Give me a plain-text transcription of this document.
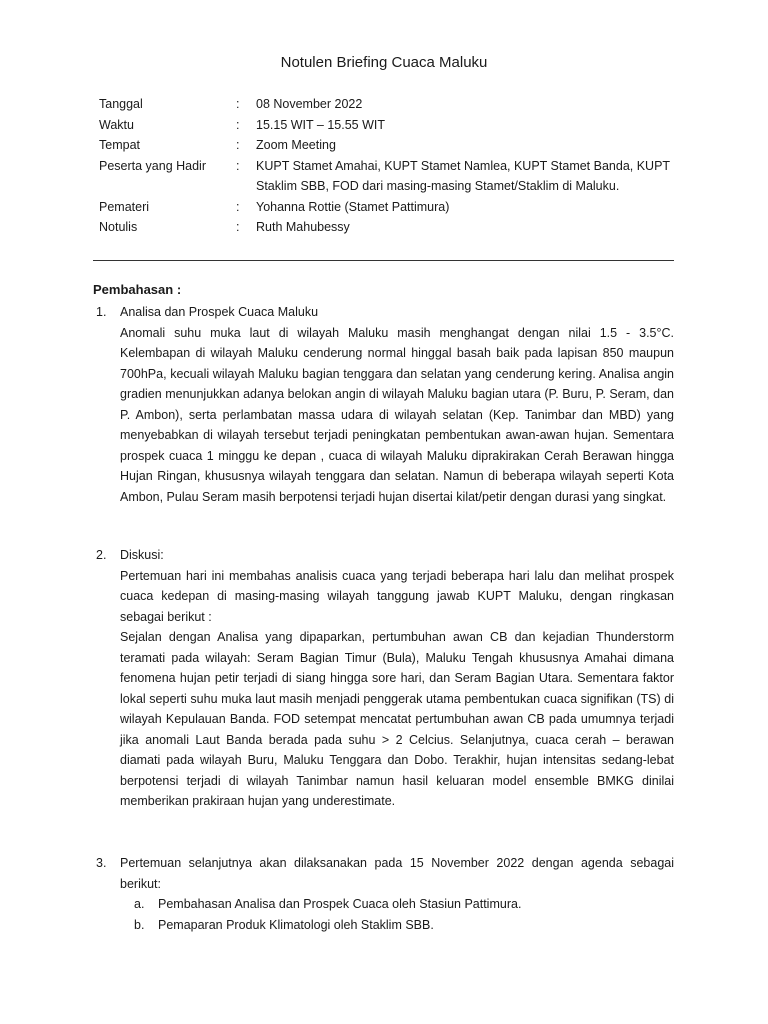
Notulen Briefing Cuaca Maluku
Tanggal	:	08 November 2022
Waktu	:	15.15 WIT – 15.55 WIT
Tempat	:	Zoom Meeting
Peserta yang Hadir	:	KUPT Stamet Amahai, KUPT Stamet Namlea, KUPT Stamet Banda, KUPT Staklim SBB, FOD dari masing-masing Stamet/Staklim di Maluku.
Pemateri	:	Yohanna Rottie (Stamet Pattimura)
Notulis	:	Ruth Mahubessy
Pembahasan :
1.	Analisa dan Prospek Cuaca Maluku
Anomali suhu muka laut di wilayah Maluku masih menghangat dengan nilai 1.5 - 3.5°C. Kelembapan di wilayah Maluku cenderung normal hinggal basah baik pada lapisan 850 maupun 700hPa, kecuali wilayah Maluku bagian tenggara dan selatan yang cenderung kering. Analisa angin gradien menunjukkan adanya belokan angin di wilayah Maluku bagian utara (P. Buru, P. Seram, dan P. Ambon), serta perlambatan massa udara di wilayah selatan (Kep. Tanimbar dan MBD) yang menyebabkan di wilayah tersebut terjadi peningkatan pembentukan awan-awan hujan. Sementara prospek cuaca 1 minggu ke depan , cuaca di wilayah Maluku diprakirakan Cerah Berawan hingga Hujan Ringan, khususnya wilayah tenggara dan selatan. Namun di beberapa wilayah seperti Kota Ambon, Pulau Seram masih berpotensi terjadi hujan disertai kilat/petir dengan durasi yang singkat.
2.	Diskusi:
Pertemuan hari ini membahas analisis cuaca yang terjadi beberapa hari lalu dan melihat prospek cuaca kedepan di masing-masing wilayah tanggung jawab KUPT Maluku, dengan ringkasan sebagai berikut :
Sejalan dengan Analisa yang dipaparkan, pertumbuhan awan CB dan kejadian Thunderstorm teramati pada wilayah: Seram Bagian Timur (Bula), Maluku Tengah khususnya Amahai dimana fenomena hujan petir terjadi di siang hingga sore hari, dan Seram Bagian Utara. Sementara faktor lokal seperti suhu muka laut masih menjadi penggerak utama pembentukan cuaca signifikan (TS) di wilayah Kepulauan Banda. FOD setempat mencatat pertumbuhan awan CB pada umumnya terjadi jika anomali Laut Banda berada pada suhu > 2 Celcius. Selanjutnya, cuaca cerah – berawan diamati pada wilayah Buru, Maluku Tenggara dan Dobo. Terakhir, hujan intensitas sedang-lebat berpotensi terjadi di wilayah Tanimbar namun hasil keluaran model ensemble BMKG dinilai memberikan prakiraan hujan yang underestimate.
3.	Pertemuan selanjutnya akan dilaksanakan pada 15 November 2022 dengan agenda sebagai berikut:
a.	Pembahasan Analisa dan Prospek Cuaca oleh Stasiun Pattimura.
b.	Pemaparan Produk Klimatologi oleh Staklim SBB.
